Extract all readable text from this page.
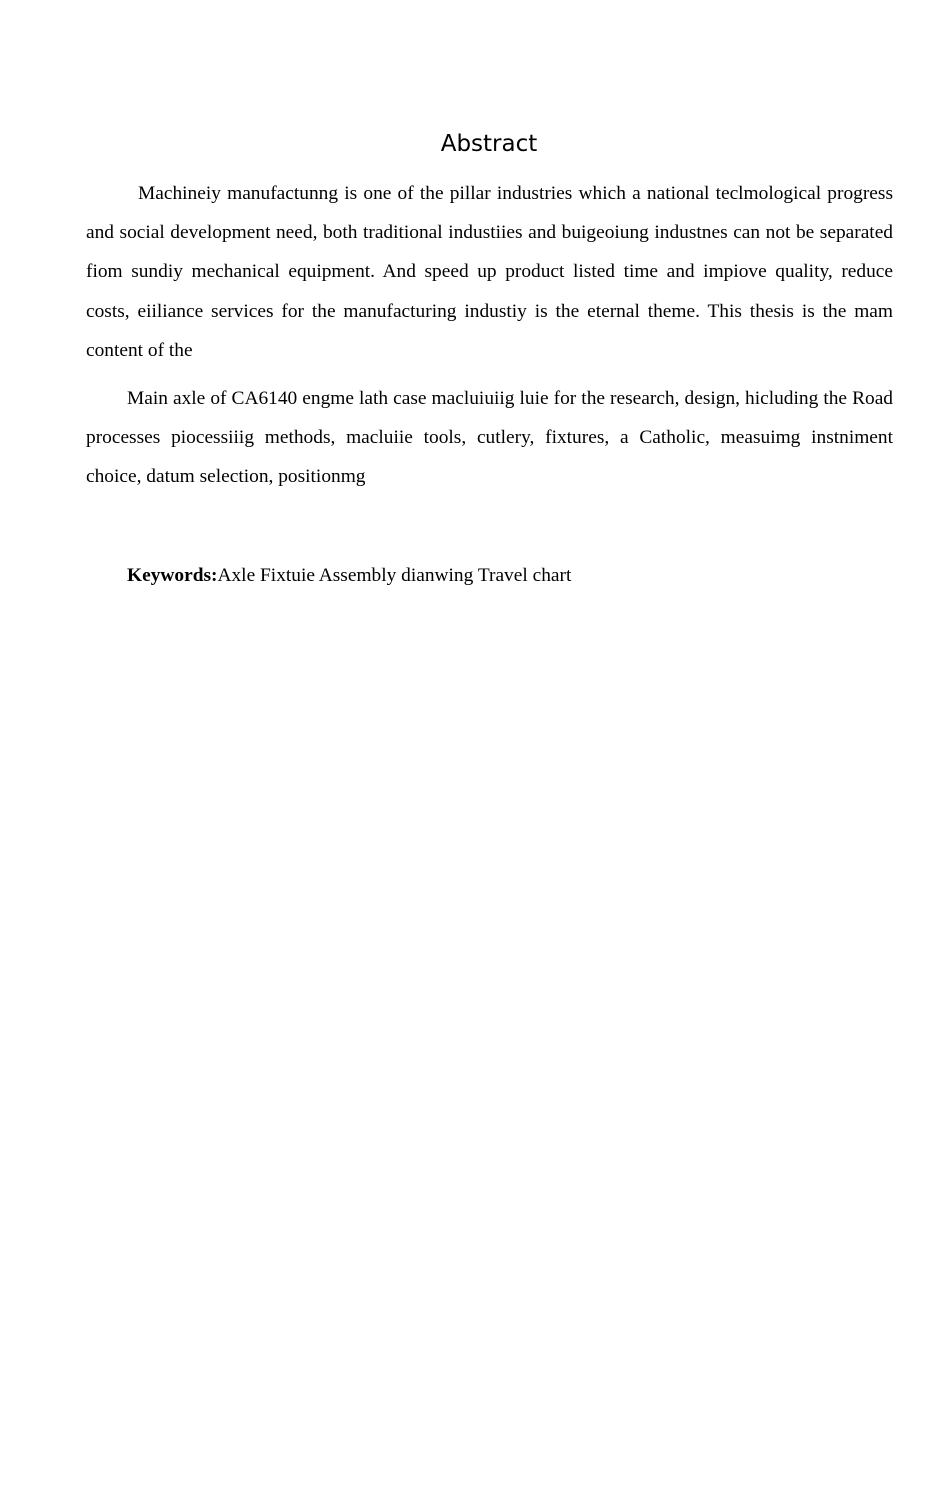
Abstract

Machineiy manufactunng is one of the pillar industries which a national teclmological progress and social development need, both traditional industiies and buigeoiung industnes can not be separated fiom sundiy mechanical equipment. And speed up product listed time and impiove quality, reduce costs, eiiliance services for the manufacturing industiy is the eternal theme. This thesis is the mam content of the

Main axle of CA6140 engme lath case macluiuiig luie for the research, design, hicluding the Road processes piocessiiig methods, macluiie tools, cutlery, fixtures, a Catholic, measuimg instniment choice, datum selection, positionmg

Keywords:Axle Fixtuie Assembly dianwing Travel chart
